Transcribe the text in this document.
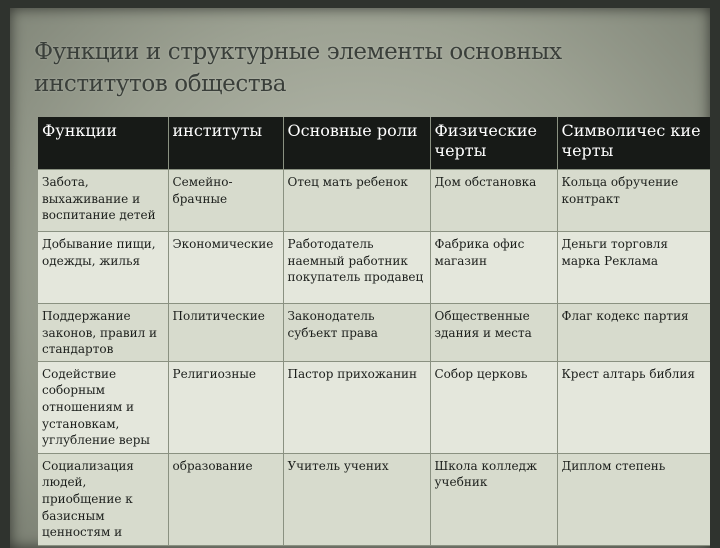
Функции и структурные элементы основных институтов общества
Функции	институты	Основные роли	Физические черты	Символичес кие черты
Забота, выхаживание и воспитание детей	Семейно-брачные	Отец мать ребенок	Дом обстановка	Кольца обручение контракт
Добывание пищи, одежды, жилья	Экономические	Работодатель наемный работник покупатель продавец	Фабрика офис магазин	Деньги торговля марка Реклама
Поддержание законов, правил и стандартов	Политические	Законодатель субъект права	Общественные здания и места	Флаг кодекс партия
Содействие соборным отношениям и установкам, углубление веры	Религиозные	Пастор прихожанин	Собор церковь	Крест алтарь библия
Социализация людей, приобщение к базисным ценностям и	образование	Учитель учених	Школа колледж учебник	Диплом степень
